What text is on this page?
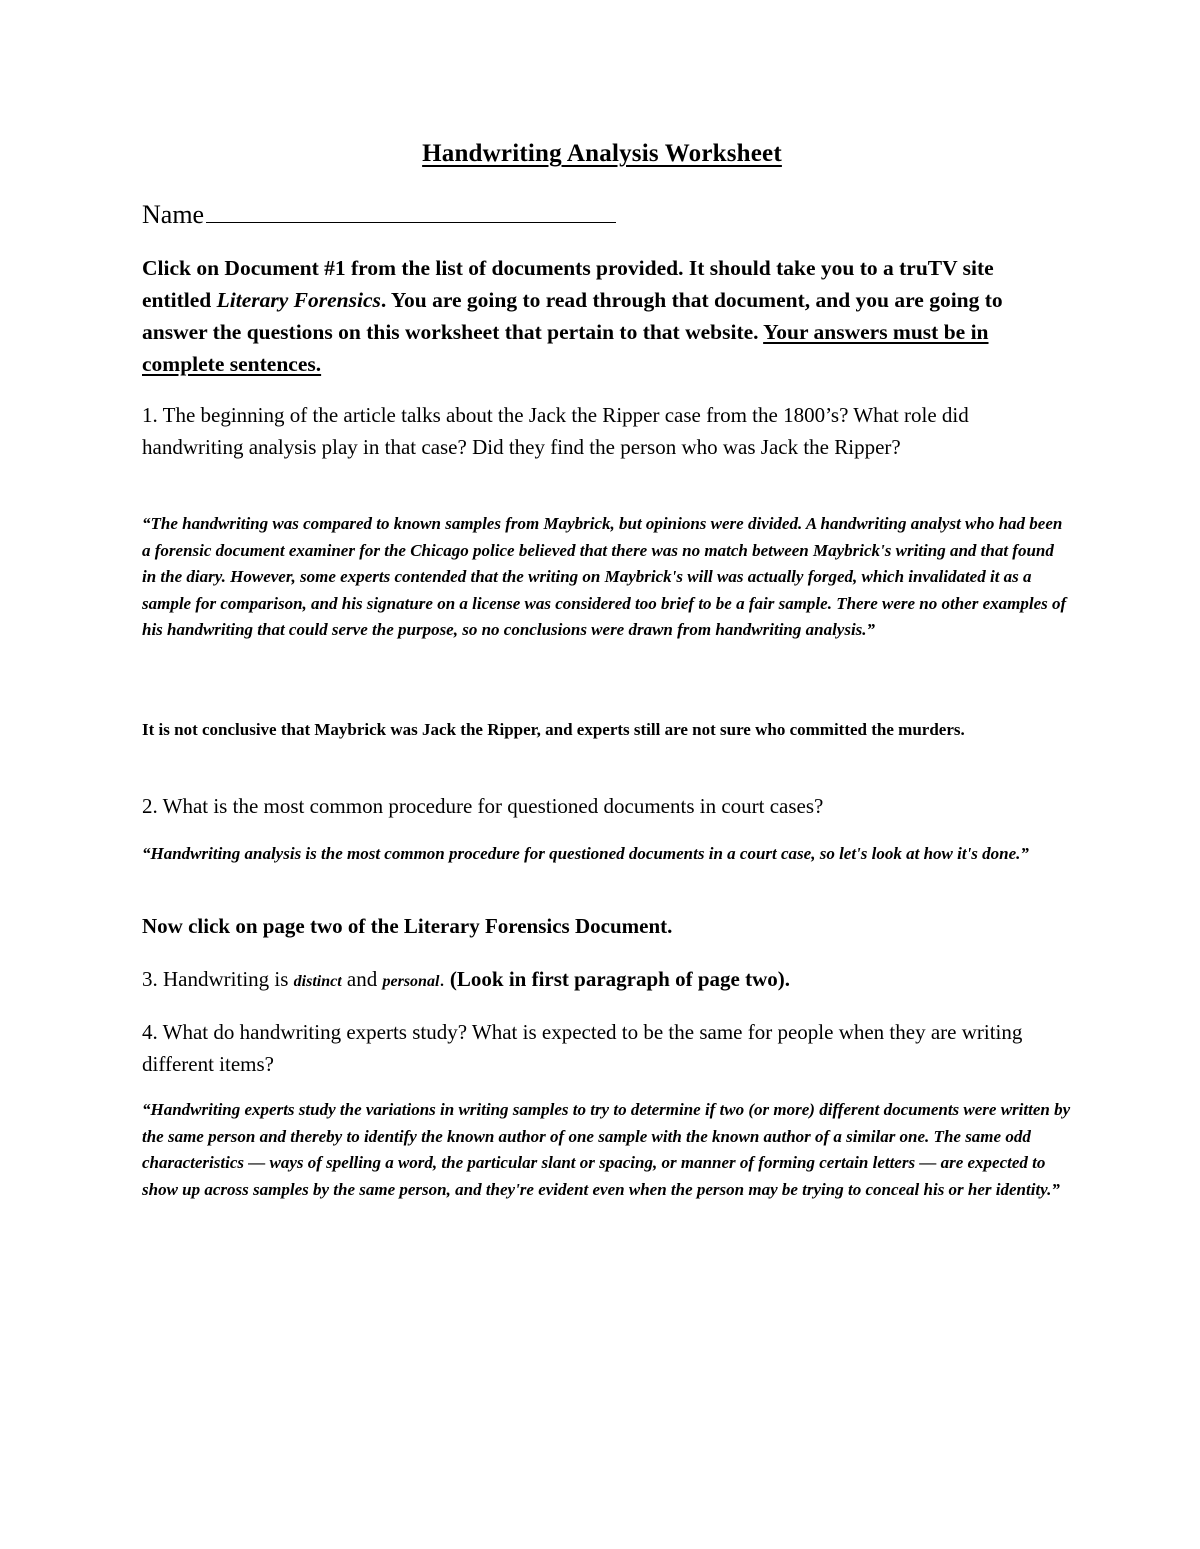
Handwriting Analysis Worksheet
Name
Click on Document #1 from the list of documents provided. It should take you to a truTV site entitled Literary Forensics. You are going to read through that document, and you are going to answer the questions on this worksheet that pertain to that website. Your answers must be in complete sentences.
1. The beginning of the article talks about the Jack the Ripper case from the 1800’s? What role did handwriting analysis play in that case? Did they find the person who was Jack the Ripper?
“The handwriting was compared to known samples from Maybrick, but opinions were divided. A handwriting analyst who had been a forensic document examiner for the Chicago police believed that there was no match between Maybrick's writing and that found in the diary. However, some experts contended that the writing on Maybrick's will was actually forged, which invalidated it as a sample for comparison, and his signature on a license was considered too brief to be a fair sample. There were no other examples of his handwriting that could serve the purpose, so no conclusions were drawn from handwriting analysis.”
It is not conclusive that Maybrick was Jack the Ripper, and experts still are not sure who committed the murders.
2. What is the most common procedure for questioned documents in court cases?
“Handwriting analysis is the most common procedure for questioned documents in a court case, so let's look at how it's done.”
Now click on page two of the Literary Forensics Document.
3. Handwriting is distinct and personal. (Look in first paragraph of page two).
4. What do handwriting experts study? What is expected to be the same for people when they are writing different items?
“Handwriting experts study the variations in writing samples to try to determine if two (or more) different documents were written by the same person and thereby to identify the known author of one sample with the known author of a similar one. The same odd characteristics — ways of spelling a word, the particular slant or spacing, or manner of forming certain letters — are expected to show up across samples by the same person, and they're evident even when the person may be trying to conceal his or her identity.”
